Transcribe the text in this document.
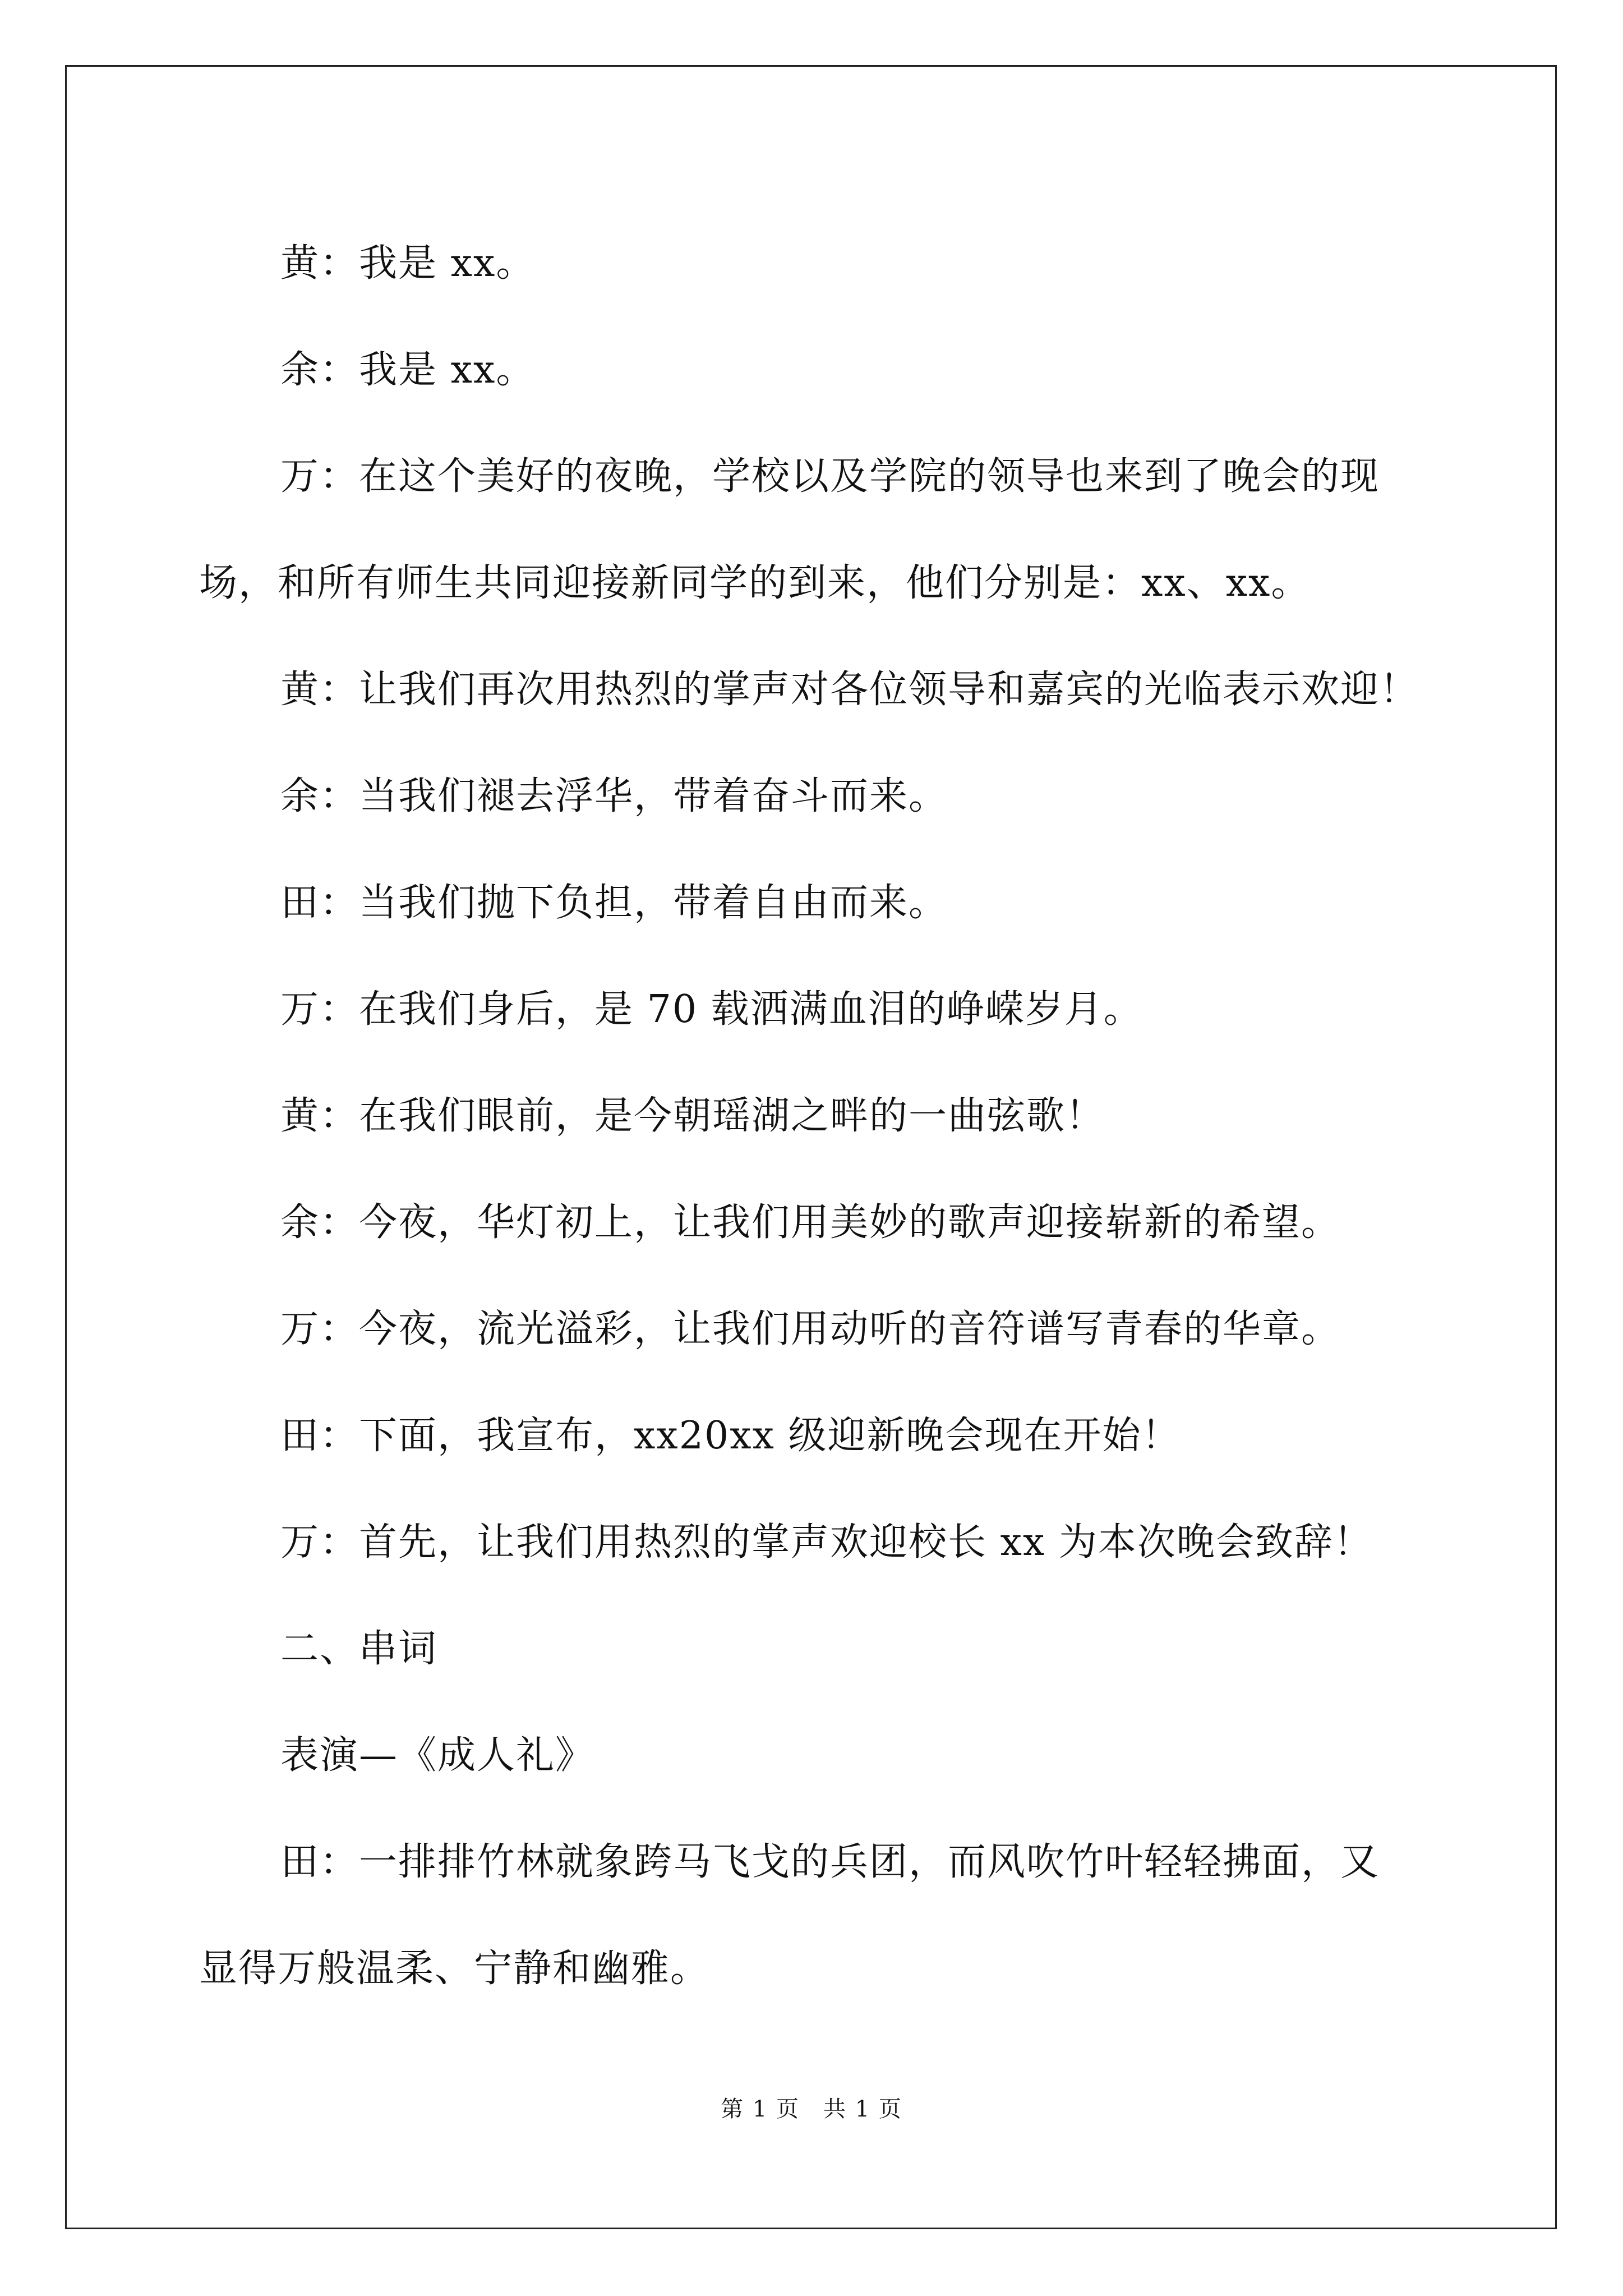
黄：我是 xx。
余：我是 xx。
万：在这个美好的夜晚，学校以及学院的领导也来到了晚会的现
场，和所有师生共同迎接新同学的到来，他们分别是：xx、xx。
黄：让我们再次用热烈的掌声对各位领导和嘉宾的光临表示欢迎！
余：当我们褪去浮华，带着奋斗而来。
田：当我们抛下负担，带着自由而来。
万：在我们身后，是 70 载洒满血泪的峥嵘岁月。
黄：在我们眼前，是今朝瑶湖之畔的一曲弦歌！
余：今夜，华灯初上，让我们用美妙的歌声迎接崭新的希望。
万：今夜，流光溢彩，让我们用动听的音符谱写青春的华章。
田：下面，我宣布，xx20xx 级迎新晚会现在开始！
万：首先，让我们用热烈的掌声欢迎校长 xx 为本次晚会致辞！
二、串词
表演—《成人礼》
田：一排排竹林就象跨马飞戈的兵团，而风吹竹叶轻轻拂面，又
显得万般温柔、宁静和幽雅。
第 1 页　共 1 页
